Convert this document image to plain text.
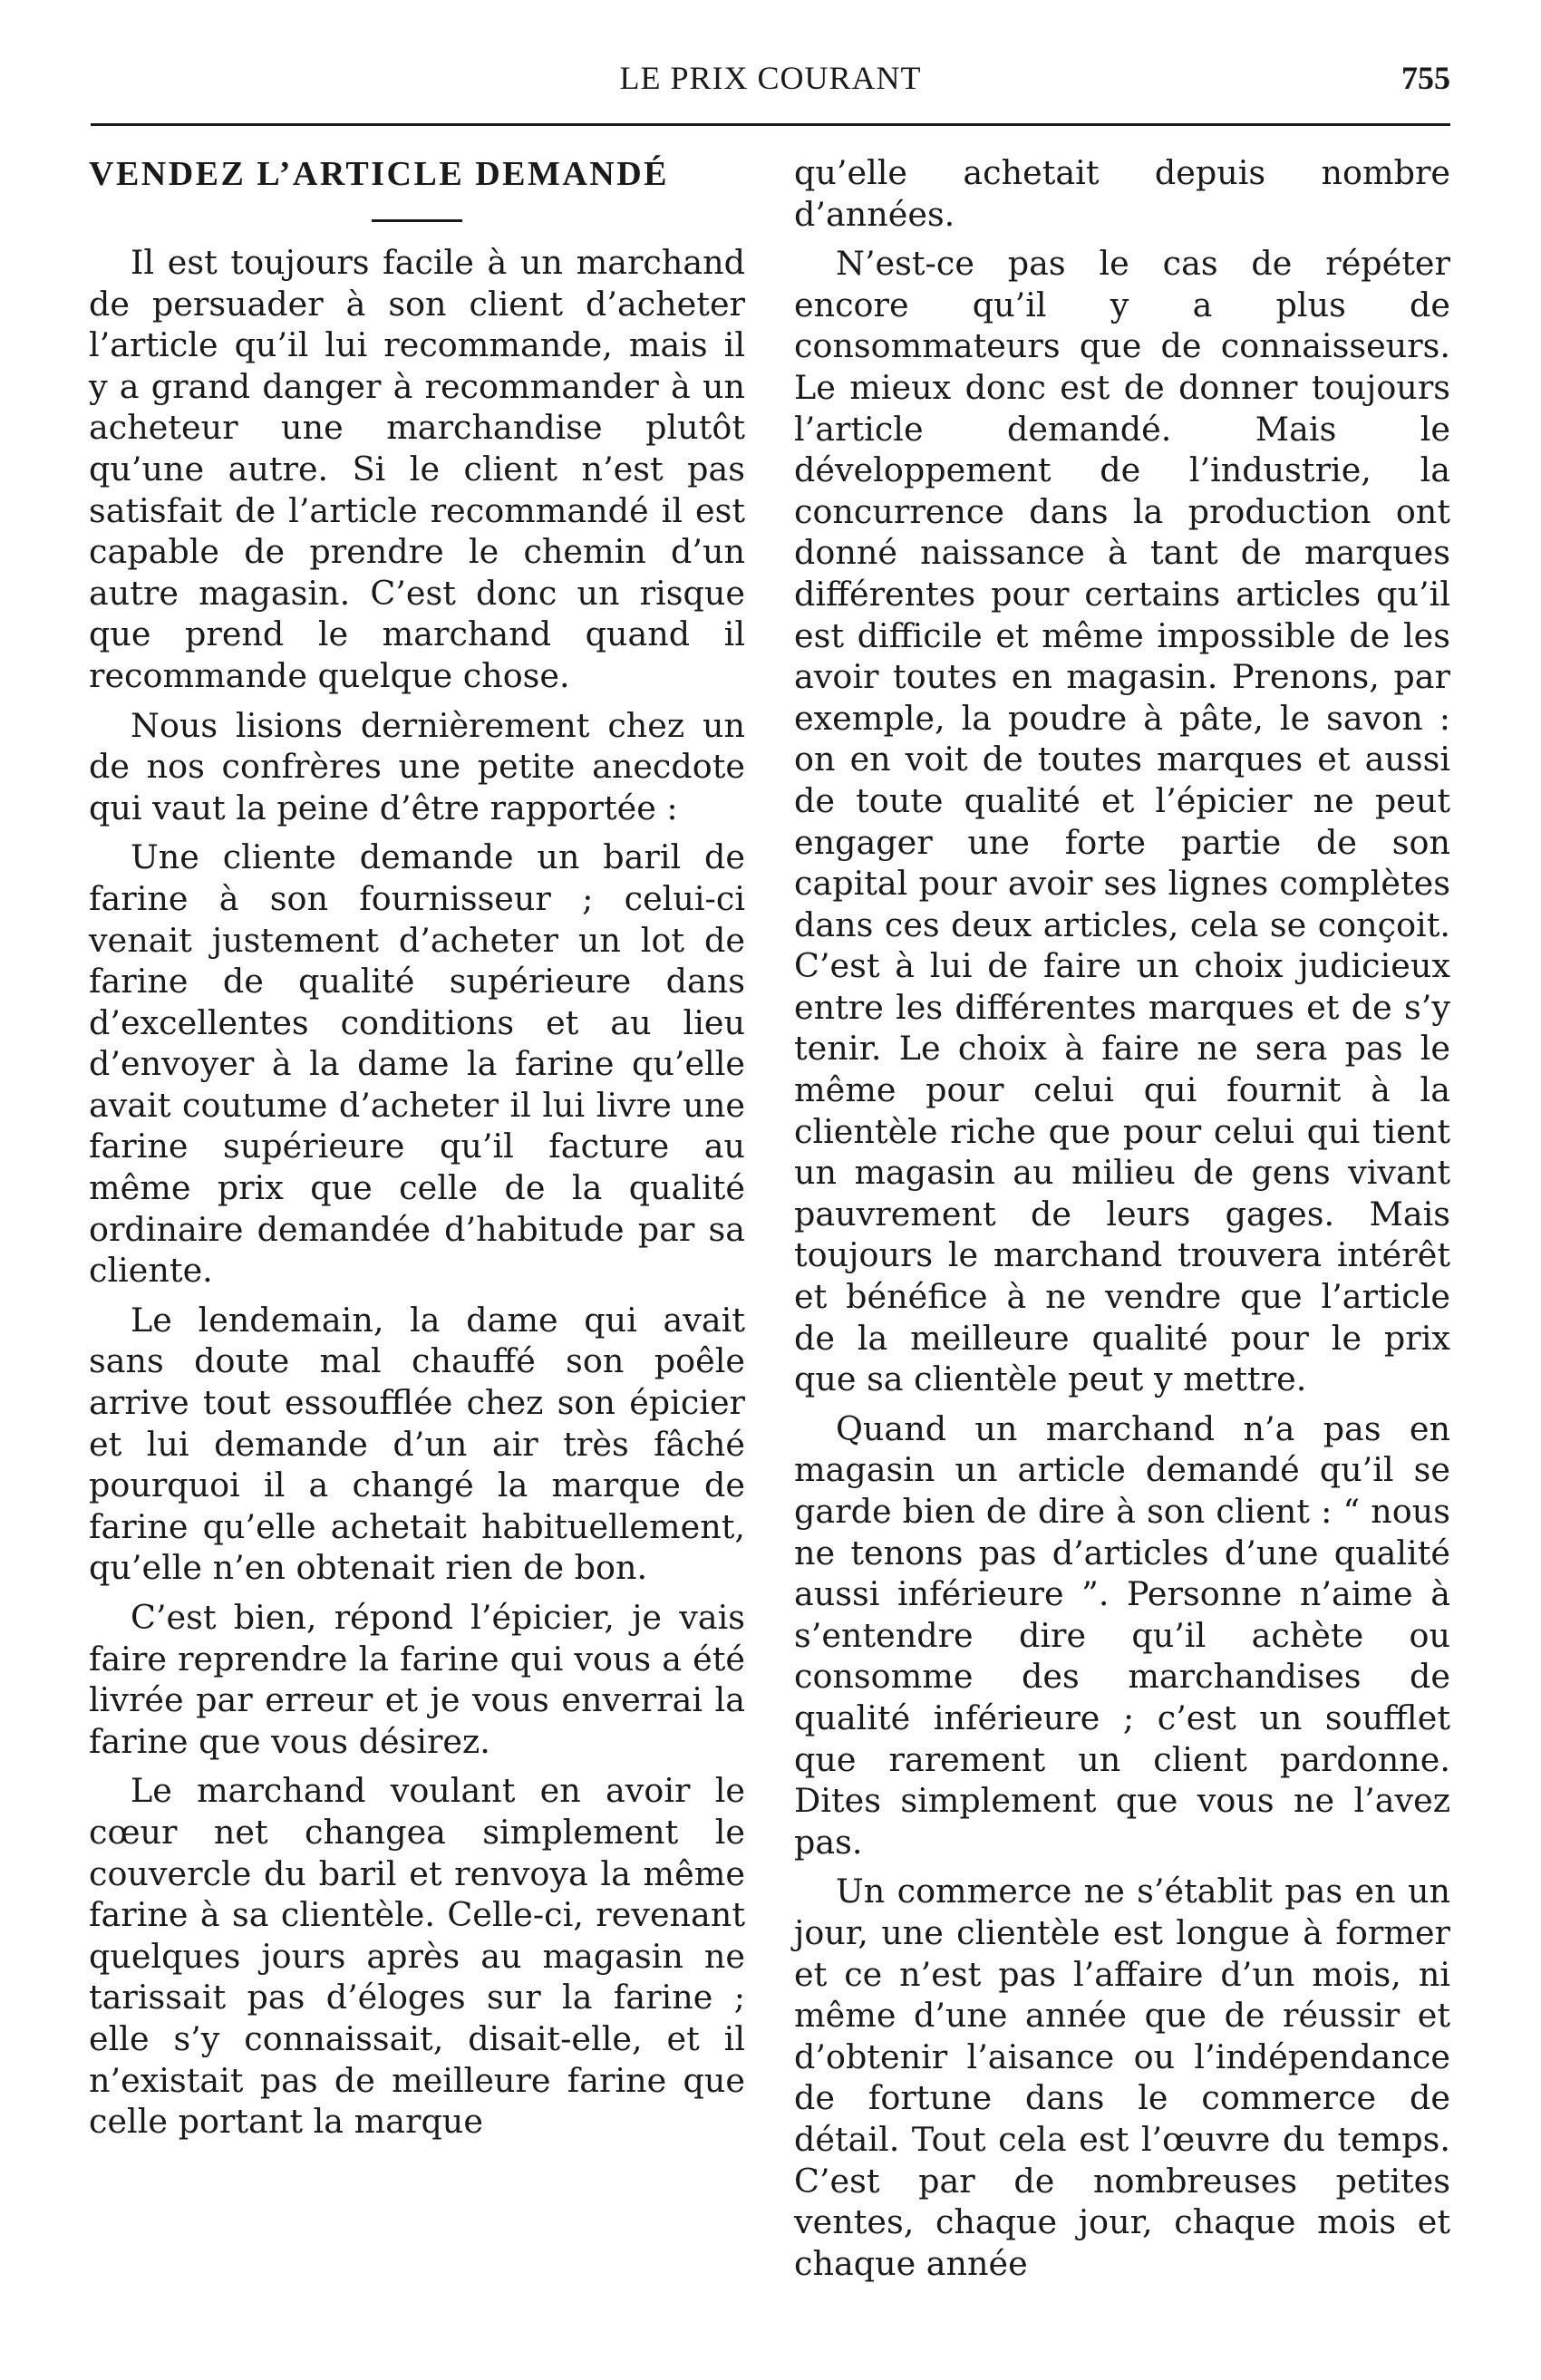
LE PRIX COURANT	755
VENDEZ L’ARTICLE DEMANDÉ

Il est toujours facile à un marchand de persuader à son client d’acheter l’article qu’il lui recommande, mais il y a grand danger à recommander à un acheteur une marchandise plutôt qu’une autre. Si le client n’est pas satisfait de l’article recommandé il est capable de prendre le chemin d’un autre magasin. C’est donc un risque que prend le marchand quand il recommande quelque chose.

Nous lisions dernièrement chez un de nos confrères une petite anecdote qui vaut la peine d’être rapportée :

Une cliente demande un baril de farine à son fournisseur ; celui-ci venait justement d’acheter un lot de farine de qualité supérieure dans d’excellentes conditions et au lieu d’envoyer à la dame la farine qu’elle avait coutume d’acheter il lui livre une farine supérieure qu’il facture au même prix que celle de la qualité ordinaire demandée d’habitude par sa cliente.

Le lendemain, la dame qui avait sans doute mal chauffé son poêle arrive tout essoufflée chez son épicier et lui demande d’un air très fâché pourquoi il a changé la marque de farine qu’elle achetait habituellement, qu’elle n’en obtenait rien de bon.

C’est bien, répond l’épicier, je vais faire reprendre la farine qui vous a été livrée par erreur et je vous enverrai la farine que vous désirez.

Le marchand voulant en avoir le cœur net changea simplement le couvercle du baril et renvoya la même farine à sa clientèle. Celle-ci, revenant quelques jours après au magasin ne tarissait pas d’éloges sur la farine ; elle s’y connaissait, disait-elle, et il n’existait pas de meilleure farine que celle portant la marque

qu’elle achetait depuis nombre d’années.

N’est-ce pas le cas de répéter encore qu’il y a plus de consommateurs que de connaisseurs. Le mieux donc est de donner toujours l’article demandé. Mais le développement de l’industrie, la concurrence dans la production ont donné naissance à tant de marques différentes pour certains articles qu’il est difficile et même impossible de les avoir toutes en magasin. Prenons, par exemple, la poudre à pâte, le savon : on en voit de toutes marques et aussi de toute qualité et l’épicier ne peut engager une forte partie de son capital pour avoir ses lignes complètes dans ces deux articles, cela se conçoit. C’est à lui de faire un choix judicieux entre les différentes marques et de s’y tenir. Le choix à faire ne sera pas le même pour celui qui fournit à la clientèle riche que pour celui qui tient un magasin au milieu de gens vivant pauvrement de leurs gages. Mais toujours le marchand trouvera intérêt et bénéfice à ne vendre que l’article de la meilleure qualité pour le prix que sa clientèle peut y mettre.

Quand un marchand n’a pas en magasin un article demandé qu’il se garde bien de dire à son client : “ nous ne tenons pas d’articles d’une qualité aussi inférieure ”. Personne n’aime à s’entendre dire qu’il achète ou consomme des marchandises de qualité inférieure ; c’est un soufflet que rarement un client pardonne. Dites simplement que vous ne l’avez pas.

Un commerce ne s’établit pas en un jour, une clientèle est longue à former et ce n’est pas l’affaire d’un mois, ni même d’une année que de réussir et d’obtenir l’aisance ou l’indépendance de fortune dans le commerce de détail. Tout cela est l’œuvre du temps. C’est par de nombreuses petites ventes, chaque jour, chaque mois et chaque année
